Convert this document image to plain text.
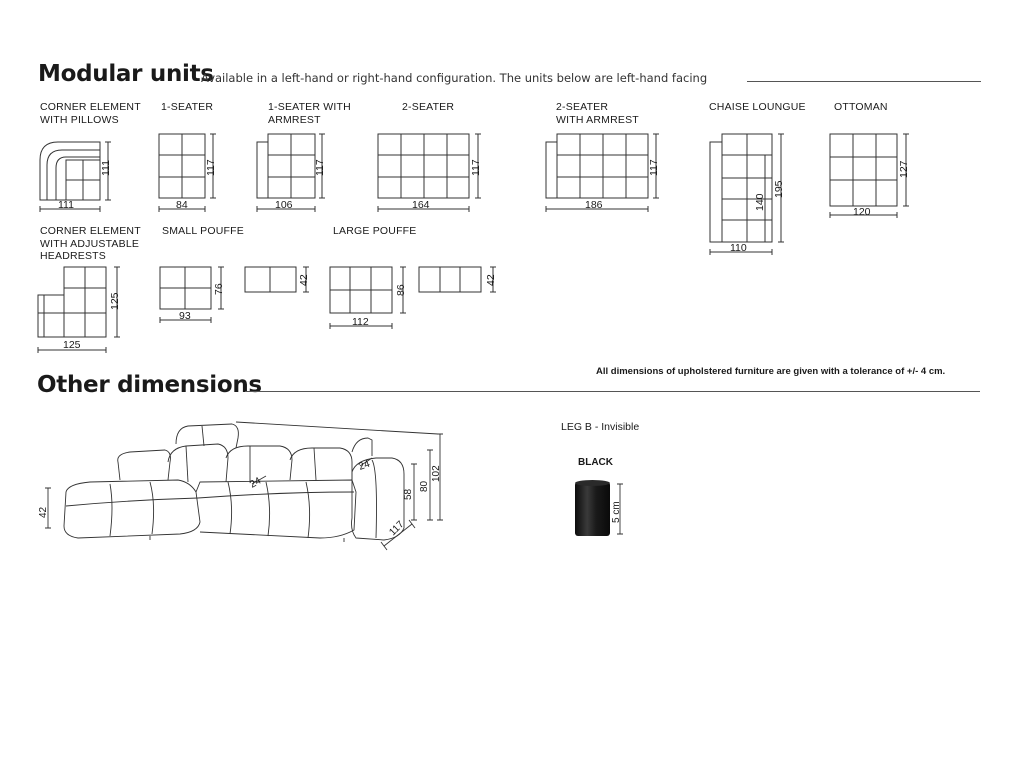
Modular units
Available in a left-hand or right-hand configuration. The units below are left-hand facing
CORNER ELEMENT
WITH PILLOWS
1-SEATER	1-SEATER WITH
ARMREST
2-SEATER	2-SEATER
WITH ARMREST
CHAISE LOUNGUE	OTTOMAN
CORNER ELEMENT
WITH ADJUSTABLE
HEADRESTS
SMALL POUFFE	LARGE POUFFE
111
111
84
117
106
117
164
117
186
117
110
195
140
120
127
125
125
93
76
42
112
86
42
All dimensions of upholstered furniture are given with a tolerance of +/- 4 cm.
Other dimensions
42
58
80
102
117
24
24
LEG B - Invisible
BLACK
5 cm
